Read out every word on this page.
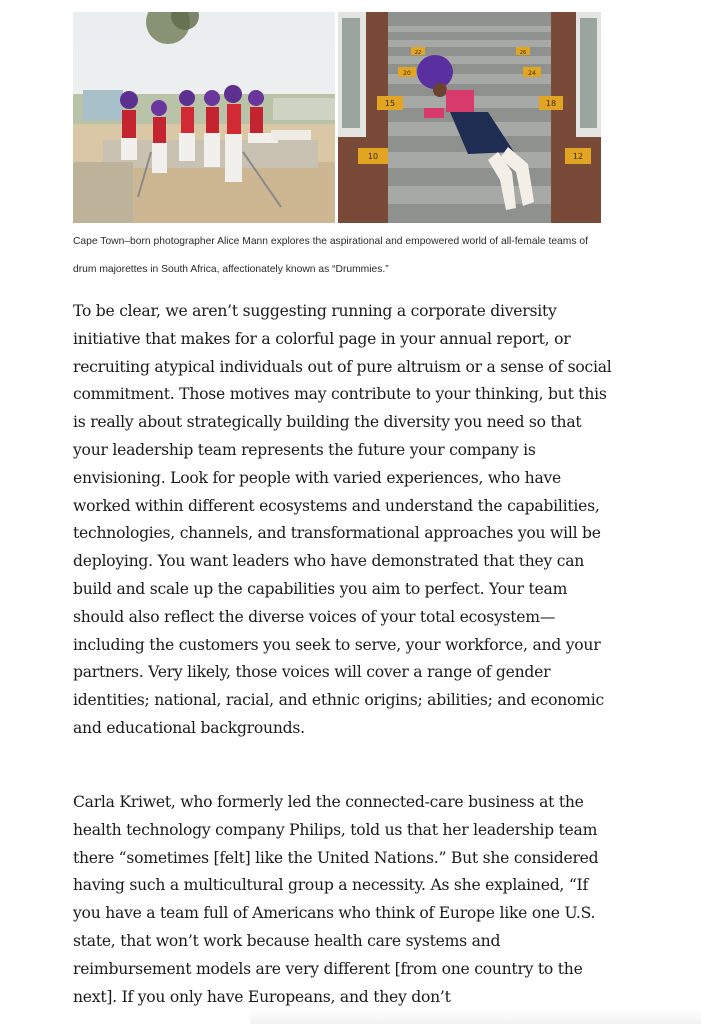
10	12
15	18
20	24
22	26

Cape Town–born photographer Alice Mann explores the aspirational and empowered world of all-female teams of drum majorettes in South Africa, affectionately known as “Drummies.”

To be clear, we aren’t suggesting running a corporate diversity initiative that makes for a colorful page in your annual report, or recruiting atypical individuals out of pure altruism or a sense of social commitment. Those motives may contribute to your thinking, but this is really about strategically building the diversity you need so that your leadership team represents the future your company is envisioning. Look for people with varied experiences, who have worked within different ecosystems and understand the capabilities, technologies, channels, and transformational approaches you will be deploying. You want leaders who have demonstrated that they can build and scale up the capabilities you aim to perfect. Your team should also reflect the diverse voices of your total ecosystem—including the customers you seek to serve, your workforce, and your partners. Very likely, those voices will cover a range of gender identities; national, racial, and ethnic origins; abilities; and economic and educational backgrounds.

Carla Kriwet, who formerly led the connected-care business at the health technology company Philips, told us that her leadership team there “sometimes [felt] like the United Nations.” But she considered having such a multicultural group a necessity. As she explained, “If you have a team full of Americans who think of Europe like one U.S. state, that won’t work because health care systems and reimbursement models are very different [from one country to the next]. If you only have Europeans, and they don’t
